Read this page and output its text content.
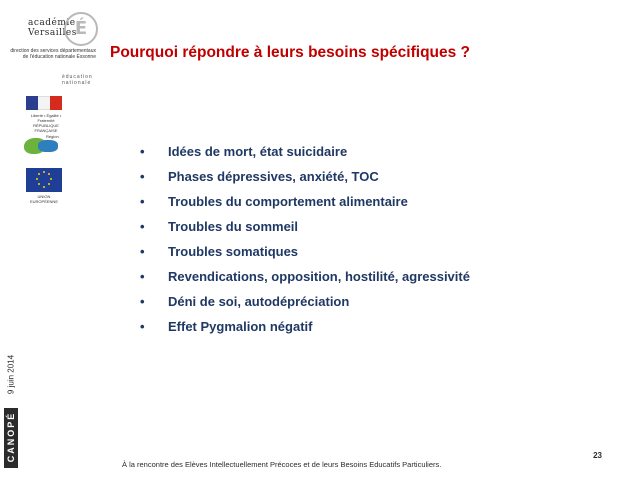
académie
Versailles
É
direction des services départementaux de l'éducation nationale Essonne
éducation nationale
Liberté • Égalité • Fraternité RÉPUBLIQUE FRANÇAISE
Région
UNION EUROPÉENNE
9 juin 2014
CANOPÉ
Pourquoi répondre à leurs besoins spécifiques ?
•	Idées de mort, état suicidaire
•	Phases dépressives, anxiété, TOC
•	Troubles du comportement alimentaire
•	Troubles du sommeil
•	Troubles somatiques
•	Revendications, opposition, hostilité, agressivité
•	Déni de soi, autodépréciation
•	Effet Pygmalion négatif
23
À la rencontre des Elèves Intellectuellement Précoces et de leurs Besoins Educatifs Particuliers.
